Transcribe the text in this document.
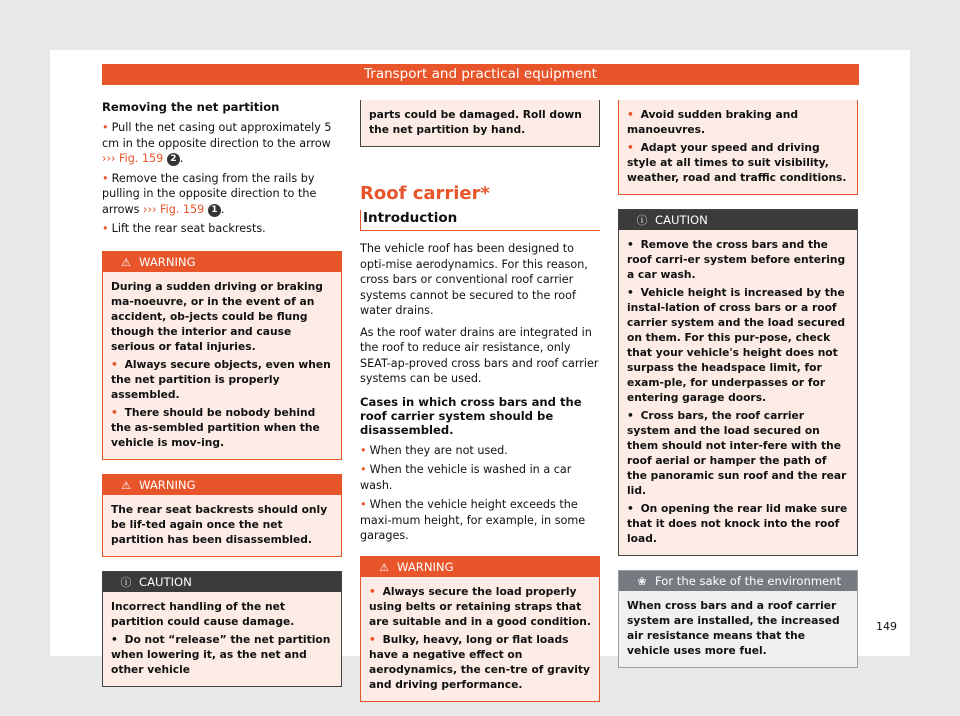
Transport and practical equipment

Removing the net partition

• Pull the net casing out approximately 5 cm in the opposite direction to the arrow ››› Fig. 159 2 .

• Remove the casing from the rails by pulling in the opposite direction to the arrows ››› Fig. 159 1 .

• Lift the rear seat backrests.

⚠ WARNING

During a sudden driving or braking ma-noeuvre, or in the event of an accident, ob-jects could be flung though the interior and cause serious or fatal injuries.

• Always secure objects, even when the net partition is properly assembled.

• There should be nobody behind the as-sembled partition when the vehicle is mov-ing.

⚠ WARNING

The rear seat backrests should only be lif-ted again once the net partition has been disassembled.

ⓘ CAUTION

Incorrect handling of the net partition could cause damage.

• Do not “release” the net partition when lowering it, as the net and other vehicle

parts could be damaged. Roll down the net partition by hand.

Roof carrier*
Introduction

The vehicle roof has been designed to opti-mise aerodynamics. For this reason, cross bars or conventional roof carrier systems cannot be secured to the roof water drains.

As the roof water drains are integrated in the roof to reduce air resistance, only SEAT-ap-proved cross bars and roof carrier systems can be used.

Cases in which cross bars and the roof carrier system should be disassembled.

• When they are not used.

• When the vehicle is washed in a car wash.

• When the vehicle height exceeds the maxi-mum height, for example, in some garages.

⚠ WARNING

• Always secure the load properly using belts or retaining straps that are suitable and in a good condition.

• Bulky, heavy, long or flat loads have a negative effect on aerodynamics, the cen-tre of gravity and driving performance.

• Avoid sudden braking and manoeuvres.

• Adapt your speed and driving style at all times to suit visibility, weather, road and traffic conditions.

ⓘ CAUTION

• Remove the cross bars and the roof carri-er system before entering a car wash.

• Vehicle height is increased by the instal-lation of cross bars or a roof carrier system and the load secured on them. For this pur-pose, check that your vehicle's height does not surpass the headspace limit, for exam-ple, for underpasses or for entering garage doors.

• Cross bars, the roof carrier system and the load secured on them should not inter-fere with the roof aerial or hamper the path of the panoramic sun roof and the rear lid.

• On opening the rear lid make sure that it does not knock into the roof load.

❀ For the sake of the environment

When cross bars and a roof carrier system are installed, the increased air resistance means that the vehicle uses more fuel.

149
